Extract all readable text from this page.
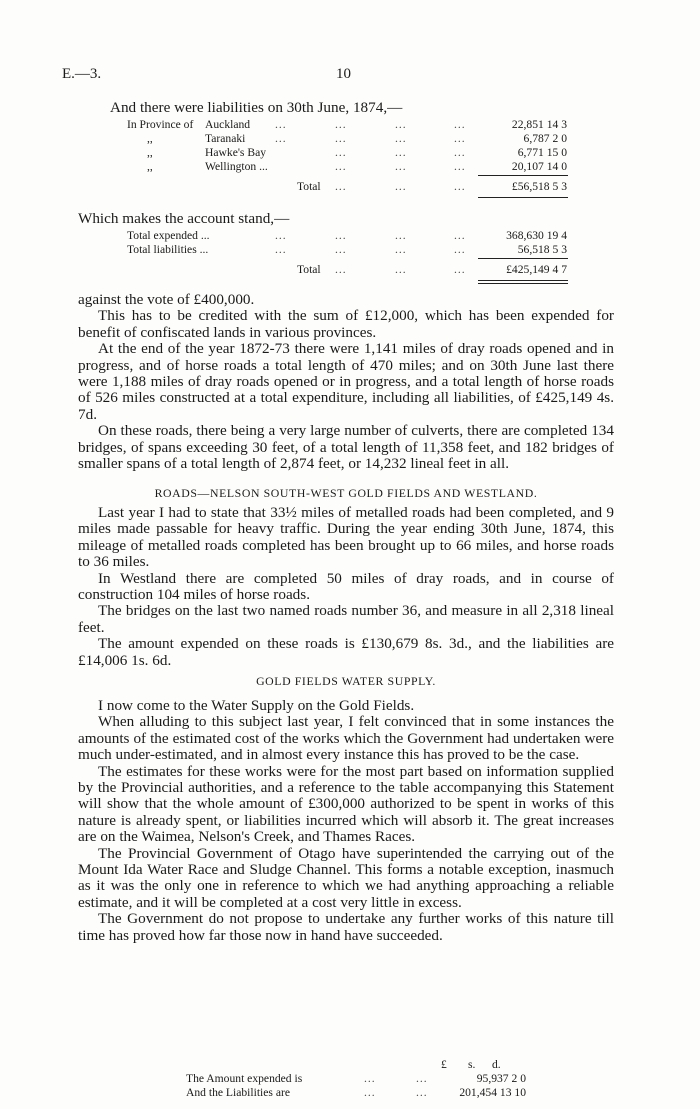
E.—3.	10
And there were liabilities on 30th June, 1874,—
In Province of Auckland ...	...	...	...	22,851 14 3
,,	Taranaki	...	...	...	...	6,787 2 0
,,	Hawke's Bay	...	...	...	6,771 15 0
,,	Wellington ...	...	...	...	20,107 14 0
Total ...	...	...	£56,518 5 3
Which makes the account stand,—
Total expended ...	...	...	...	...	368,630 19 4
Total liabilities ...	...	...	...	...	56,518 5 3
Total ...	...	...	£425,149 4 7

against the vote of £400,000.

This has to be credited with the sum of £12,000, which has been expended for benefit of confiscated lands in various provinces.

At the end of the year 1872-73 there were 1,141 miles of dray roads opened and in progress, and of horse roads a total length of 470 miles; and on 30th June last there were 1,188 miles of dray roads opened or in progress, and a total length of horse roads of 526 miles constructed at a total expenditure, including all liabilities, of £425,149 4s. 7d.

On these roads, there being a very large number of culverts, there are completed 134 bridges, of spans exceeding 30 feet, of a total length of 11,358 feet, and 182 bridges of smaller spans of a total length of 2,874 feet, or 14,232 lineal feet in all.

ROADS—NELSON SOUTH-WEST GOLD FIELDS AND WESTLAND.

Last year I had to state that 33½ miles of metalled roads had been completed, and 9 miles made passable for heavy traffic. During the year ending 30th June, 1874, this mileage of metalled roads completed has been brought up to 66 miles, and horse roads to 36 miles.

In Westland there are completed 50 miles of dray roads, and in course of construction 104 miles of horse roads.

The bridges on the last two named roads number 36, and measure in all 2,318 lineal feet.

The amount expended on these roads is £130,679 8s. 3d., and the liabilities are £14,006 1s. 6d.

GOLD FIELDS WATER SUPPLY.

I now come to the Water Supply on the Gold Fields.

When alluding to this subject last year, I felt convinced that in some instances the amounts of the estimated cost of the works which the Government had undertaken were much under-estimated, and in almost every instance this has proved to be the case.

The estimates for these works were for the most part based on information supplied by the Provincial authorities, and a reference to the table accompanying this Statement will show that the whole amount of £300,000 authorized to be spent in works of this nature is already spent, or liabilities incurred which will absorb it. The great increases are on the Waimea, Nelson's Creek, and Thames Races.

The Provincial Government of Otago have superintended the carrying out of the Mount Ida Water Race and Sludge Channel. This forms a notable exception, inasmuch as it was the only one in reference to which we had anything approaching a reliable estimate, and it will be completed at a cost very little in excess.

The Government do not propose to undertake any further works of this nature till time has proved how far those now in hand have succeeded.

£ s. d.
The Amount expended is	...	...	95,937 2 0
And the Liabilities are	...	...	201,454 13 10
